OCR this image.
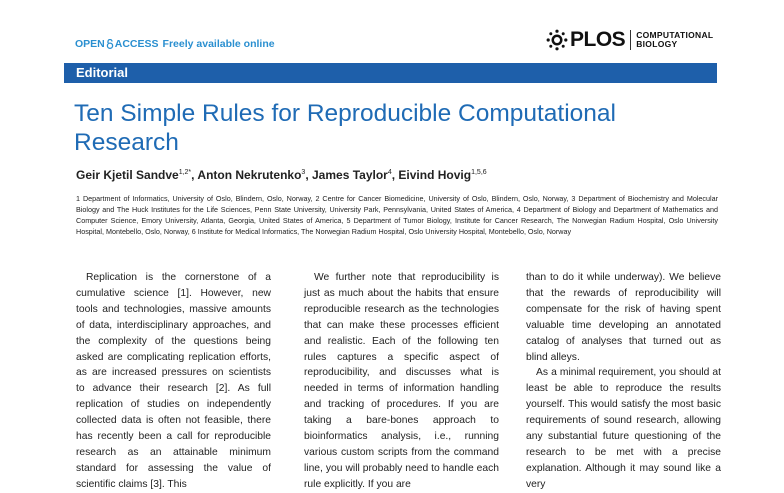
OPEN ACCESS Freely available online	PLOS COMPUTATIONAL
BIOLOGY
Editorial
Ten Simple Rules for Reproducible Computational Research

Geir Kjetil Sandve$^{1,2*}$, Anton Nekrutenko$^3$, James Taylor$^4$, Eivind Hovig$^{1,5,6}$

1 Department of Informatics, University of Oslo, Blindern, Oslo, Norway, 2 Centre for Cancer Biomedicine, University of Oslo, Blindern, Oslo, Norway, 3 Department of Biochemistry and Molecular Biology and The Huck Institutes for the Life Sciences, Penn State University, University Park, Pennsylvania, United States of America, 4 Department of Biology and Department of Mathematics and Computer Science, Emory University, Atlanta, Georgia, United States of America, 5 Department of Tumor Biology, Institute for Cancer Research, The Norwegian Radium Hospital, Oslo University Hospital, Montebello, Oslo, Norway, 6 Institute for Medical Informatics, The Norwegian Radium Hospital, Oslo University Hospital, Montebello, Oslo, Norway

Replication is the cornerstone of a cumulative science [1]. However, new tools and technologies, massive amounts of data, interdisciplinary approaches, and the complexity of the questions being asked are complicating replication efforts, as are increased pressures on scientists to advance their research [2]. As full replication of studies on independently collected data is often not feasible, there has recently been a call for reproducible research as an attainable minimum standard for assessing the value of scientific claims [3]. This

We further note that reproducibility is just as much about the habits that ensure reproducible research as the technologies that can make these processes efficient and realistic. Each of the following ten rules captures a specific aspect of reproducibility, and discusses what is needed in terms of information handling and tracking of procedures. If you are taking a bare-bones approach to bioinformatics analysis, i.e., running various custom scripts from the command line, you will probably need to handle each rule explicitly. If you are

than to do it while underway). We believe that the rewards of reproducibility will compensate for the risk of having spent valuable time developing an annotated catalog of analyses that turned out as blind alleys.

As a minimal requirement, you should at least be able to reproduce the results yourself. This would satisfy the most basic requirements of sound research, allowing any substantial future questioning of the research to be met with a precise explanation. Although it may sound like a very
